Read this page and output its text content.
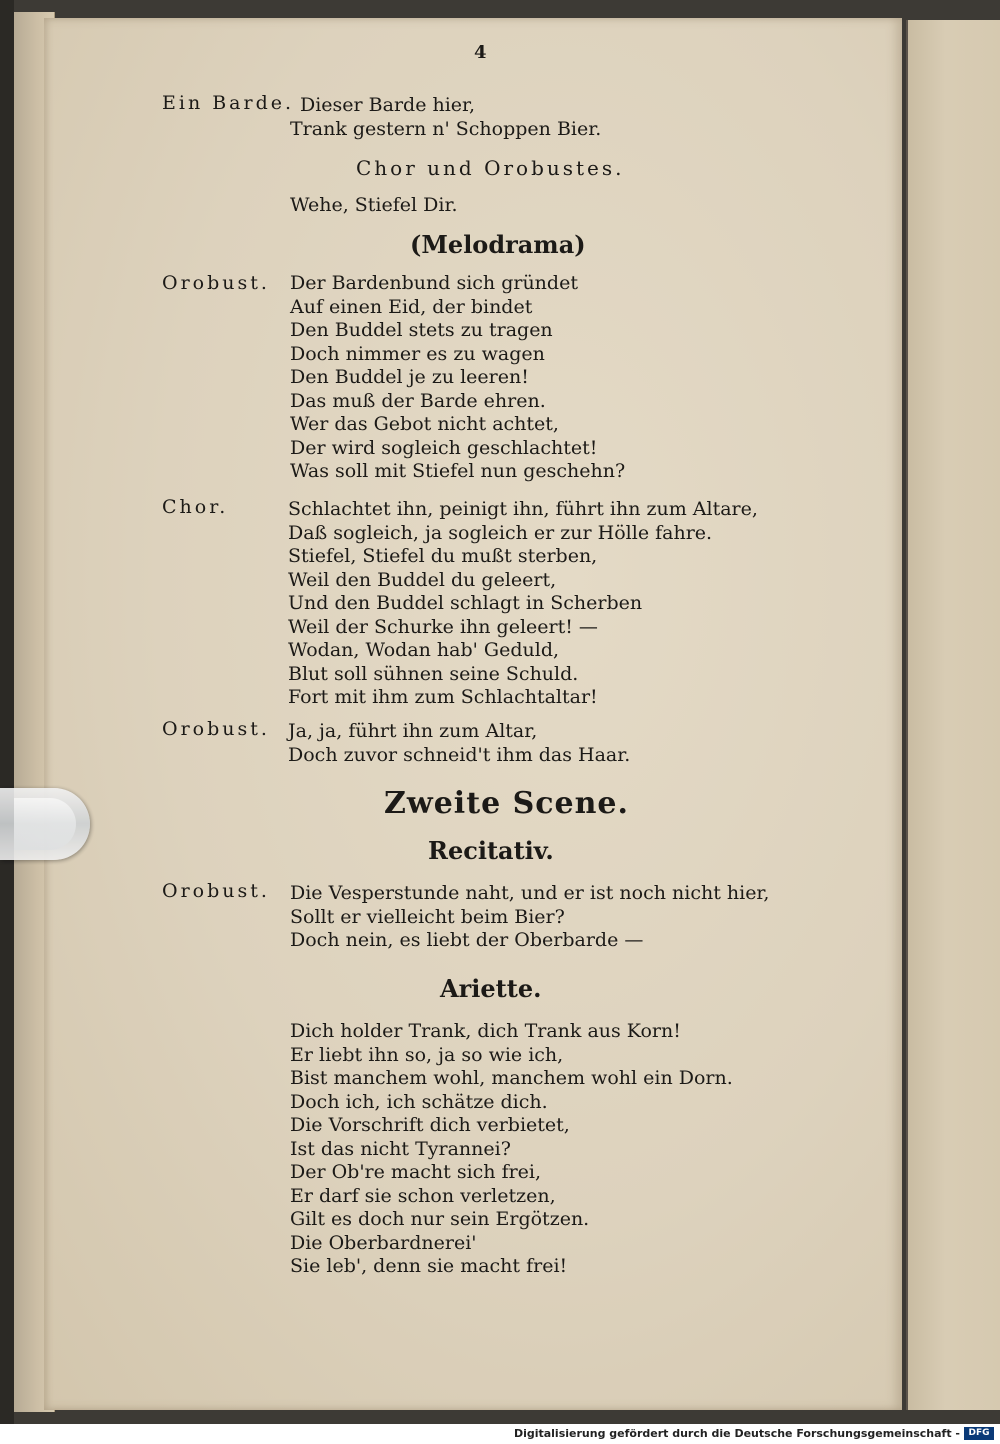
4
Ein Barde. Dieser Barde hier,
Trank gestern n' Schoppen Bier.
Chor und Orobustes.
Wehe, Stiefel Dir.
(Melodrama)
Orobust. Der Bardenbund sich gründet
Auf einen Eid, der bindet
Den Buddel stets zu tragen
Doch nimmer es zu wagen
Den Buddel je zu leeren!
Das muß der Barde ehren.
Wer das Gebot nicht achtet,
Der wird sogleich geschlachtet!
Was soll mit Stiefel nun geschehn?
Chor.	Schlachtet ihn, peinigt ihn, führt ihn zum Altare,
Daß sogleich, ja sogleich er zur Hölle fahre.
Stiefel, Stiefel du mußt sterben,
Weil den Buddel du geleert,
Und den Buddel schlagt in Scherben
Weil der Schurke ihn geleert! —
Wodan, Wodan hab' Geduld,
Blut soll sühnen seine Schuld.
Fort mit ihm zum Schlachtaltar!
Orobust. Ja, ja, führt ihn zum Altar,
Doch zuvor schneid't ihm das Haar.
Zweite Scene.
Recitativ.
Orobust. Die Vesperstunde naht, und er ist noch nicht hier,
Sollt er vielleicht beim Bier?
Doch nein, es liebt der Oberbarde —
Ariette.
Dich holder Trank, dich Trank aus Korn!
Er liebt ihn so, ja so wie ich,
Bist manchem wohl, manchem wohl ein Dorn.
Doch ich, ich schätze dich.
Die Vorschrift dich verbietet,
Ist das nicht Tyrannei?
Der Ob're macht sich frei,
Er darf sie schon verletzen,
Gilt es doch nur sein Ergötzen.
Die Oberbardnerei'
Sie leb', denn sie macht frei!
Digitalisierung gefördert durch die Deutsche Forschungsgemeinschaft - DFG
